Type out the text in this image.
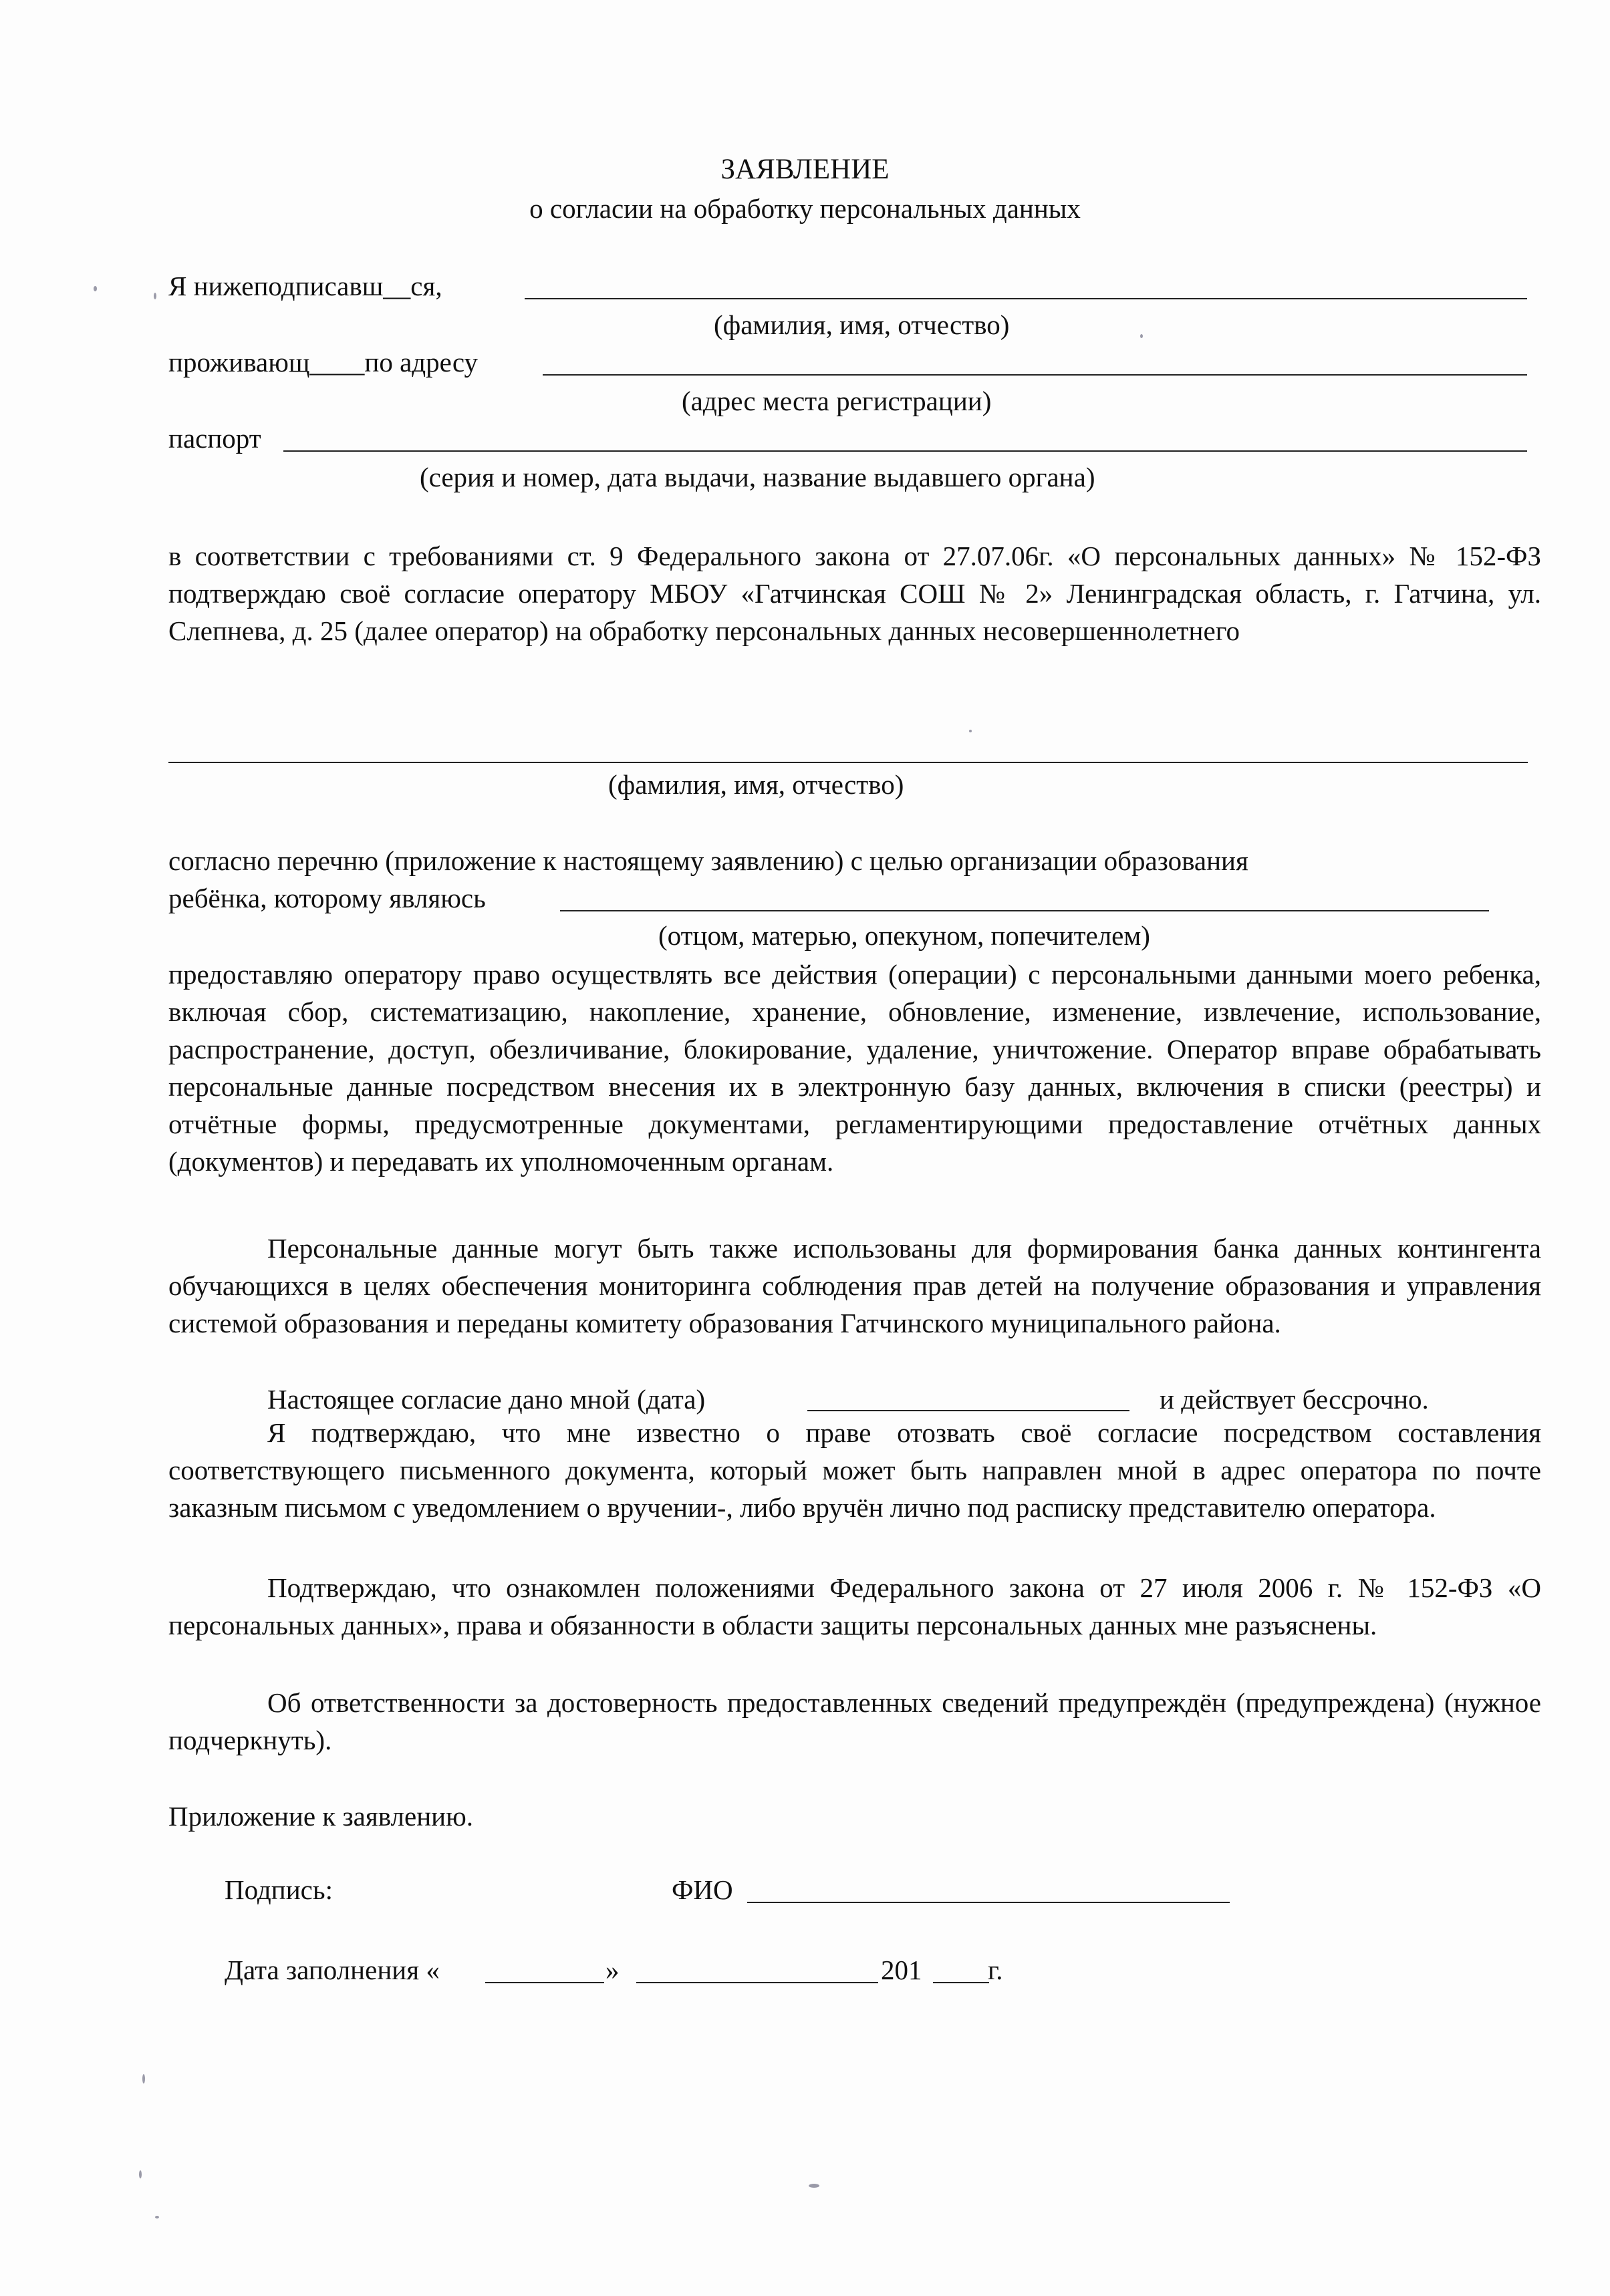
ЗАЯВЛЕНИЕ
о согласии на обработку персональных данных
Я нижеподписавш__ся,
(фамилия, имя, отчество)
проживающ____по адресу
(адрес места регистрации)
паспорт
(серия и номер, дата выдачи, название выдавшего органа)
в соответствии с требованиями ст. 9 Федерального закона от 27.07.06г. «О персональных данных» № 152-ФЗ подтверждаю своё согласие оператору МБОУ «Гатчинская СОШ № 2» Ленинградская область, г. Гатчина, ул. Слепнева, д. 25 (далее оператор) на обработку персональных данных несовершеннолетнего
(фамилия, имя, отчество)
согласно перечню (приложение к настоящему заявлению) с целью организации образования
ребёнка, которому являюсь
(отцом, матерью, опекуном, попечителем)
предоставляю оператору право осуществлять все действия (операции) с персональными данными моего ребенка, включая сбор, систематизацию, накопление, хранение, обновление, изменение, извлечение, использование, распространение, доступ, обезличивание, блокирование, удаление, уничтожение. Оператор вправе обрабатывать персональные данные посредством внесения их в электронную базу данных, включения в списки (реестры) и отчётные формы, предусмотренные документами, регламентирующими предоставление отчётных данных (документов) и передавать их уполномоченным органам.
Персональные данные могут быть также использованы для формирования банка данных контингента обучающихся в целях обеспечения мониторинга соблюдения прав детей на получение образования и управления системой образования и переданы комитету образования Гатчинского муниципального района.
Настоящее согласие дано мной (дата)	и действует бессрочно.
Я подтверждаю, что мне известно о праве отозвать своё согласие посредством составления соответствующего письменного документа, который может быть направлен мной в адрес оператора по почте заказным письмом с уведомлением о вручении-, либо вручён лично под расписку представителю оператора.
Подтверждаю, что ознакомлен положениями Федерального закона от 27 июля 2006 г. № 152-ФЗ «О персональных данных», права и обязанности в области защиты персональных данных мне разъяснены.
Об ответственности за достоверность предоставленных сведений предупреждён (предупреждена) (нужное подчеркнуть).
Приложение к заявлению.
Подпись:	ФИО
Дата заполнения «	»	201 г.
